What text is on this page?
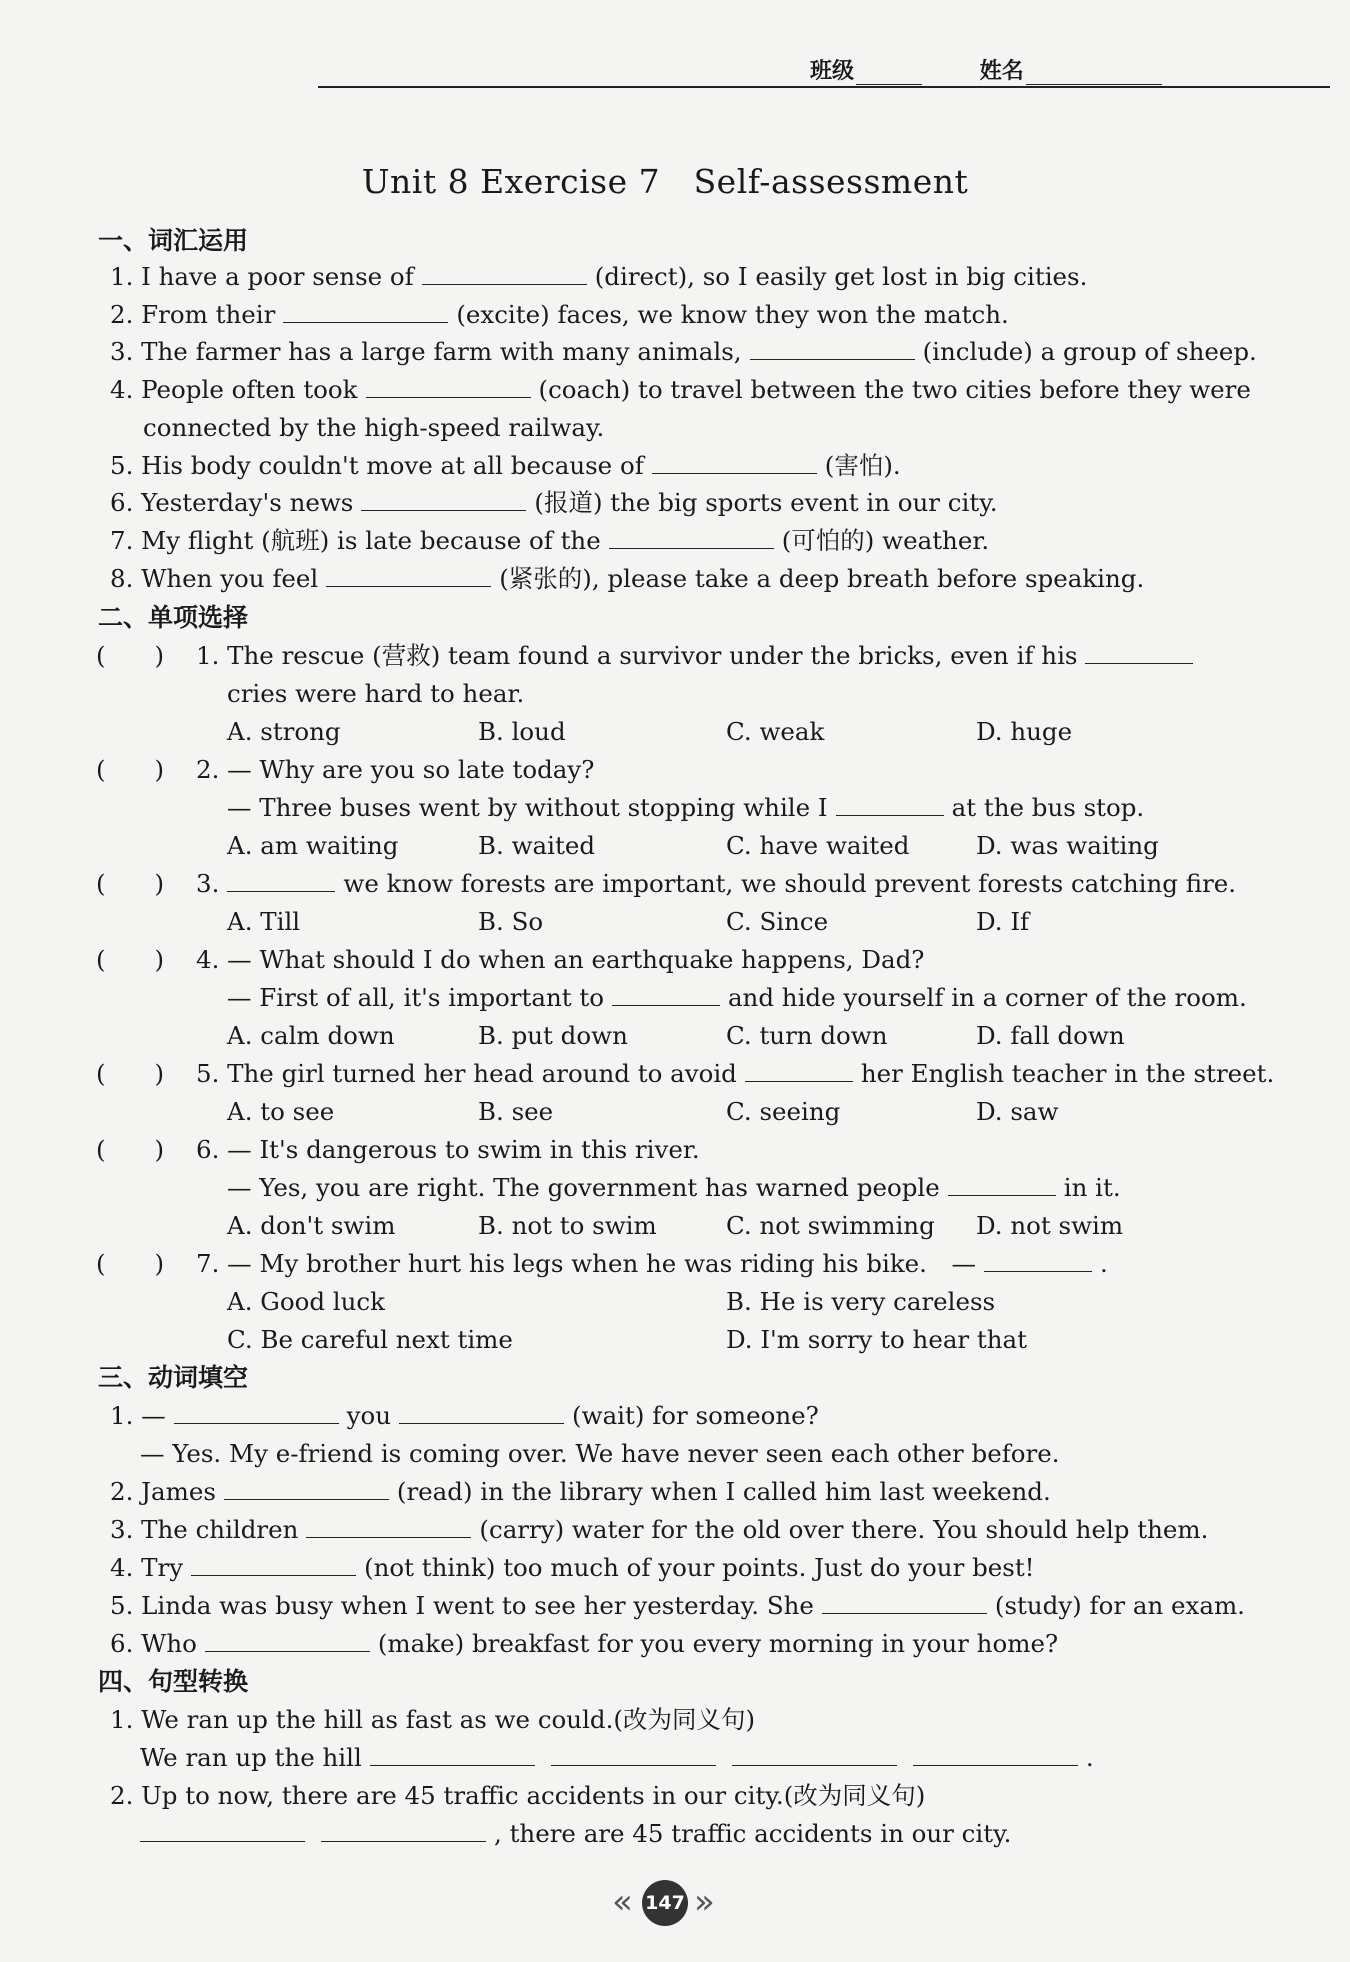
班级	姓名
Unit 8 Exercise 7　Self-assessment
一、词汇运用
1. I have a poor sense of	(direct), so I easily get lost in big cities.
2. From their	(excite) faces, we know they won the match.
3. The farmer has a large farm with many animals,	(include) a group of sheep.
4. People often took	(coach) to travel between the two cities before they were
connected by the high-speed railway.
5. His body couldn't move at all because of	(害怕).
6. Yesterday's news	(报道) the big sports event in our city.
7. My flight (航班) is late because of the	(可怕的) weather.
8. When you feel	(紧张的), please take a deep breath before speaking.
二、单项选择
(　　) 1. The rescue (营救) team found a survivor under the bricks, even if his
cries were hard to hear.
A. strong	B. loud	C. weak	D. huge
(　　) 2. — Why are you so late today?
— Three buses went by without stopping while I	at the bus stop.
A. am waiting	B. waited	C. have waited	D. was waiting
(　　) 3.	we know forests are important, we should prevent forests catching fire.
A. Till	B. So	C. Since	D. If
(　　) 4. — What should I do when an earthquake happens, Dad?
— First of all, it's important to	and hide yourself in a corner of the room.
A. calm down	B. put down	C. turn down	D. fall down
(　　) 5. The girl turned her head around to avoid	her English teacher in the street.
A. to see	B. see	C. seeing	D. saw
(　　) 6. — It's dangerous to swim in this river.
— Yes, you are right. The government has warned people	in it.
A. don't swim	B. not to swim	C. not swimming D. not swim
(　　) 7. — My brother hurt his legs when he was riding his bike.　—	.
A. Good luck	B. He is very careless
C. Be careful next time	D. I'm sorry to hear that
三、动词填空
1. —	you	(wait) for someone?
— Yes. My e-friend is coming over. We have never seen each other before.
2. James	(read) in the library when I called him last weekend.
3. The children	(carry) water for the old over there. You should help them.
4. Try	(not think) too much of your points. Just do your best!
5. Linda was busy when I went to see her yesterday. She	(study) for an exam.
6. Who	(make) breakfast for you every morning in your home?
四、句型转换
1. We ran up the hill as fast as we could.(改为同义句)
We ran up the hill	.
2. Up to now, there are 45 traffic accidents in our city.(改为同义句)
, there are 45 traffic accidents in our city.
« 147 »
